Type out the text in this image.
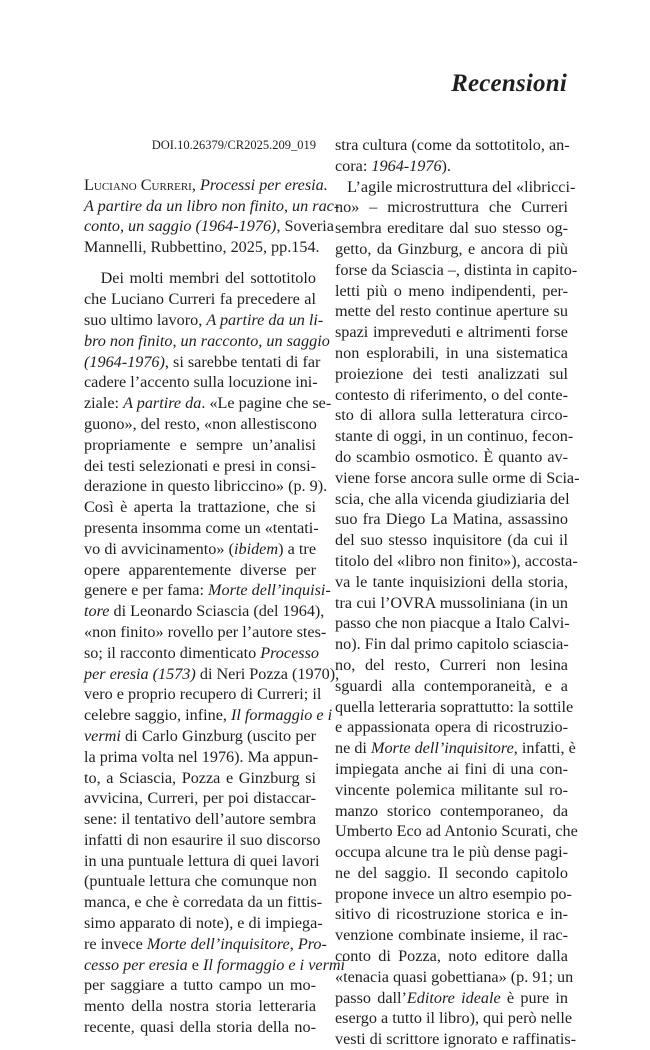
Recensioni
DOI.10.26379/CR2025.209_019
Luciano Curreri, Processi per eresia.
A partire da un libro non finito, un rac-
conto, un saggio (1964-1976), Soveria
Mannelli, Rubbettino, 2025, pp.154.
Dei molti membri del sottotitolo
che Luciano Curreri fa precedere al
suo ultimo lavoro, A partire da un li-
bro non finito, un racconto, un saggio
(1964-1976), si sarebbe tentati di far
cadere l’accento sulla locuzione ini-
ziale: A partire da. «Le pagine che se-
guono», del resto, «non allestiscono
propriamente e sempre un’analisi
dei testi selezionati e presi in consi-
derazione in questo libriccino» (p. 9).
Così è aperta la trattazione, che si
presenta insomma come un «tentati-
vo di avvicinamento» (ibidem) a tre
opere apparentemente diverse per
genere e per fama: Morte dell’inquisi-
tore di Leonardo Sciascia (del 1964),
«non finito» rovello per l’autore stes-
so; il racconto dimenticato Processo
per eresia (1573) di Neri Pozza (1970),
vero e proprio recupero di Curreri; il
celebre saggio, infine, Il formaggio e i
vermi di Carlo Ginzburg (uscito per
la prima volta nel 1976). Ma appun-
to, a Sciascia, Pozza e Ginzburg si
avvicina, Curreri, per poi distaccar-
sene: il tentativo dell’autore sembra
infatti di non esaurire il suo discorso
in una puntuale lettura di quei lavori
(puntuale lettura che comunque non
manca, e che è corredata da un fittis-
simo apparato di note), e di impiega-
re invece Morte dell’inquisitore, Pro-
cesso per eresia e Il formaggio e i vermi
per saggiare a tutto campo un mo-
mento della nostra storia letteraria
recente, quasi della storia della no-
stra cultura (come da sottotitolo, an-
cora: 1964-1976).
L’agile microstruttura del «libricci-
no» – microstruttura che Curreri
sembra ereditare dal suo stesso og-
getto, da Ginzburg, e ancora di più
forse da Sciascia –, distinta in capito-
letti più o meno indipendenti, per-
mette del resto continue aperture su
spazi impreveduti e altrimenti forse
non esplorabili, in una sistematica
proiezione dei testi analizzati sul
contesto di riferimento, o del conte-
sto di allora sulla letteratura circo-
stante di oggi, in un continuo, fecon-
do scambio osmotico. È quanto av-
viene forse ancora sulle orme di Scia-
scia, che alla vicenda giudiziaria del
suo fra Diego La Matina, assassino
del suo stesso inquisitore (da cui il
titolo del «libro non finito»), accosta-
va le tante inquisizioni della storia,
tra cui l’OVRA mussoliniana (in un
passo che non piacque a Italo Calvi-
no). Fin dal primo capitolo sciascia-
no, del resto, Curreri non lesina
sguardi alla contemporaneità, e a
quella letteraria soprattutto: la sottile
e appassionata opera di ricostruzio-
ne di Morte dell’inquisitore, infatti, è
impiegata anche ai fini di una con-
vincente polemica militante sul ro-
manzo storico contemporaneo, da
Umberto Eco ad Antonio Scurati, che
occupa alcune tra le più dense pagi-
ne del saggio. Il secondo capitolo
propone invece un altro esempio po-
sitivo di ricostruzione storica e in-
venzione combinate insieme, il rac-
conto di Pozza, noto editore dalla
«tenacia quasi gobettiana» (p. 91; un
passo dall’Editore ideale è pure in
esergo a tutto il libro), qui però nelle
vesti di scrittore ignorato e raffinatis-
